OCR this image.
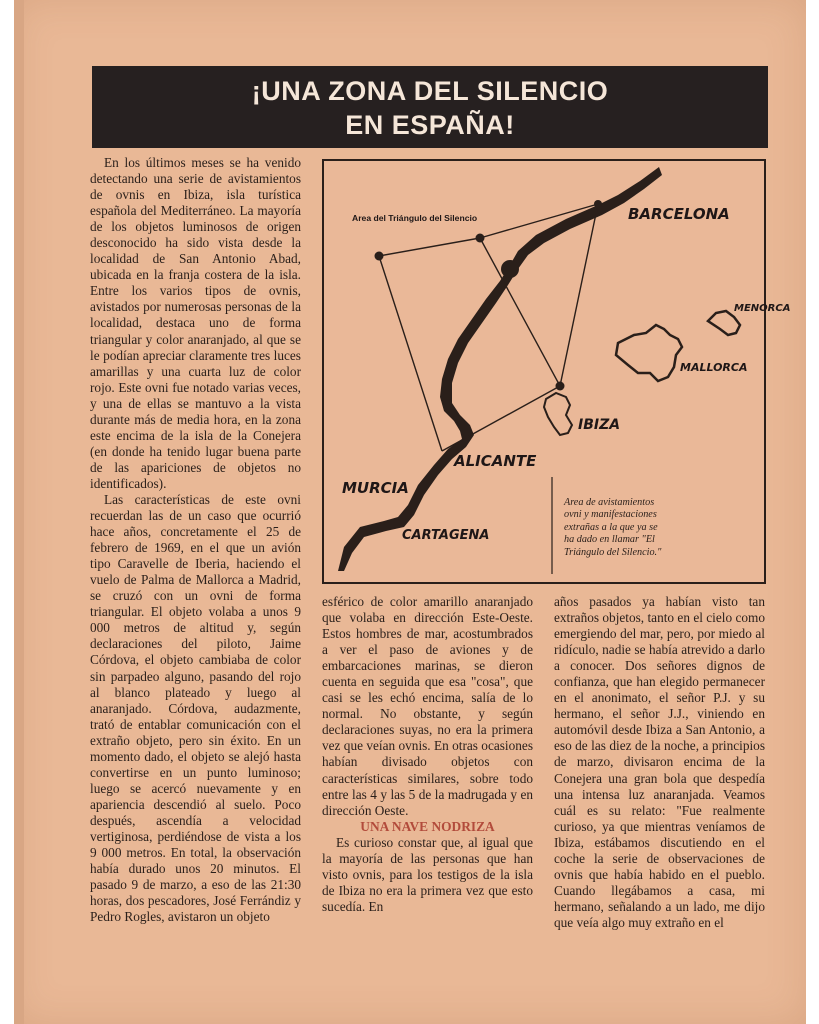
¡UNA ZONA DEL SILENCIO
EN ESPAÑA!

En los últimos meses se ha venido detectando una serie de avistamientos de ovnis en Ibiza, isla turística española del Mediterráneo. La mayoría de los objetos luminosos de origen desconocido ha sido vista desde la localidad de San Antonio Abad, ubicada en la franja costera de la isla. Entre los varios tipos de ovnis, avistados por numerosas personas de la localidad, destaca uno de forma triangular y color anaranjado, al que se le podían apreciar claramente tres luces amarillas y una cuarta luz de color rojo. Este ovni fue notado varias veces, y una de ellas se mantuvo a la vista durante más de media hora, en la zona este encima de la isla de la Conejera (en donde ha tenido lugar buena parte de las apariciones de objetos no identificados).

Las características de este ovni recuerdan las de un caso que ocurrió hace años, concretamente el 25 de febrero de 1969, en el que un avión tipo Caravelle de Iberia, haciendo el vuelo de Palma de Mallorca a Madrid, se cruzó con un ovni de forma triangular. El objeto volaba a unos 9 000 metros de altitud y, según declaraciones del piloto, Jaime Córdova, el objeto cambiaba de color sin parpadeo alguno, pasando del rojo al blanco plateado y luego al anaranjado. Córdova, audazmente, trató de entablar comunicación con el extraño objeto, pero sin éxito. En un momento dado, el objeto se alejó hasta convertirse en un punto luminoso; luego se acercó nuevamente y en apariencia descendió al suelo. Poco después, ascendía a velocidad vertiginosa, perdiéndose de vista a los 9 000 metros. En total, la observación había durado unos 20 minutos. El pasado 9 de marzo, a eso de las 21:30 horas, dos pescadores, José Ferrándiz y Pedro Rogles, avistaron un objeto

Area del Triángulo del Silencio	BARCELONA
MENORCA
MALLORCA
IBIZA
ALICANTE
MURCIA
CARTAGENA
Area de avistamientos ovni y manifestaciones extrañas a la que ya se ha dado en llamar "El Triángulo del Silencio."

esférico de color amarillo anaranjado que volaba en dirección Este-Oeste. Estos hombres de mar, acostumbrados a ver el paso de aviones y de embarcaciones marinas, se dieron cuenta en seguida que esa "cosa", que casi se les echó encima, salía de lo normal. No obstante, y según declaraciones suyas, no era la primera vez que veían ovnis. En otras ocasiones habían divisado objetos con características similares, sobre todo entre las 4 y las 5 de la madrugada y en dirección Oeste.

UNA NAVE NODRIZA

Es curioso constar que, al igual que la mayoría de las personas que han visto ovnis, para los testigos de la isla de Ibiza no era la primera vez que esto sucedía. En

años pasados ya habían visto tan extraños objetos, tanto en el cielo como emergiendo del mar, pero, por miedo al ridículo, nadie se había atrevido a darlo a conocer. Dos señores dignos de confianza, que han elegido permanecer en el anonimato, el señor P.J. y su hermano, el señor J.J., viniendo en automóvil desde Ibiza a San Antonio, a eso de las diez de la noche, a principios de marzo, divisaron encima de la Conejera una gran bola que despedía una intensa luz anaranjada. Veamos cuál es su relato: "Fue realmente curioso, ya que mientras veníamos de Ibiza, estábamos discutiendo en el coche la serie de observaciones de ovnis que había habido en el pueblo. Cuando llegábamos a casa, mi hermano, señalando a un lado, me dijo que veía algo muy extraño en el
